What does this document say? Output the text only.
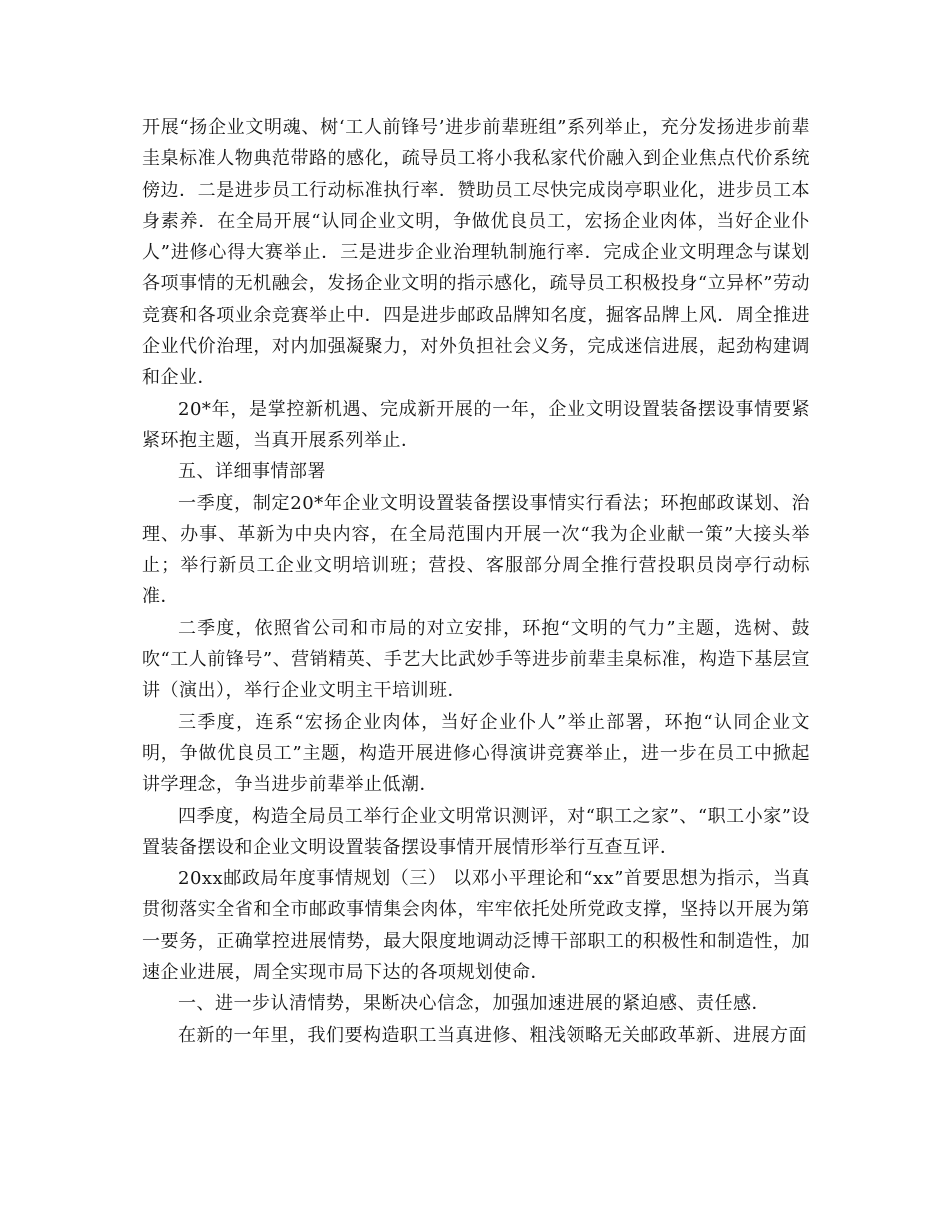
开展“扬企业文明魂、树‘工人前锋号’进步前辈班组”系列举止，充分发扬进步前辈圭臬标准人物典范带路的感化，疏导员工将小我私家代价融入到企业焦点代价系统傍边．二是进步员工行动标准执行率．赞助员工尽快完成岗亭职业化，进步员工本身素养．在全局开展“认同企业文明，争做优良员工，宏扬企业肉体，当好企业仆人”进修心得大赛举止．三是进步企业治理轨制施行率．完成企业文明理念与谋划各项事情的无机融会，发扬企业文明的指示感化，疏导员工积极投身“立异杯”劳动竞赛和各项业余竞赛举止中．四是进步邮政品牌知名度，掘客品牌上风．周全推进企业代价治理，对内加强凝聚力，对外负担社会义务，完成迷信进展，起劲构建调和企业．

20*年，是掌控新机遇、完成新开展的一年，企业文明设置装备摆设事情要紧紧环抱主题，当真开展系列举止．

五、详细事情部署

一季度，制定20*年企业文明设置装备摆设事情实行看法；环抱邮政谋划、治理、办事、革新为中央内容，在全局范围内开展一次“我为企业献一策”大接头举止；举行新员工企业文明培训班；营投、客服部分周全推行营投职员岗亭行动标准．

二季度，依照省公司和市局的对立安排，环抱“文明的气力”主题，选树、鼓吹“工人前锋号”、营销精英、手艺大比武妙手等进步前辈圭臬标准，构造下基层宣讲（演出），举行企业文明主干培训班．

三季度，连系“宏扬企业肉体，当好企业仆人”举止部署，环抱“认同企业文明，争做优良员工”主题，构造开展进修心得演讲竞赛举止，进一步在员工中掀起讲学理念，争当进步前辈举止低潮．

四季度，构造全局员工举行企业文明常识测评，对“职工之家”、“职工小家”设置装备摆设和企业文明设置装备摆设事情开展情形举行互查互评．

20xx邮政局年度事情规划（三） 以邓小平理论和“xx”首要思想为指示，当真贯彻落实全省和全市邮政事情集会肉体，牢牢依托处所党政支撑，坚持以开展为第一要务，正确掌控进展情势，最大限度地调动泛博干部职工的积极性和制造性，加速企业进展，周全实现市局下达的各项规划使命．

一、进一步认清情势，果断决心信念，加强加速进展的紧迫感、责任感．

在新的一年里，我们要构造职工当真进修、粗浅领略无关邮政革新、进展方面
